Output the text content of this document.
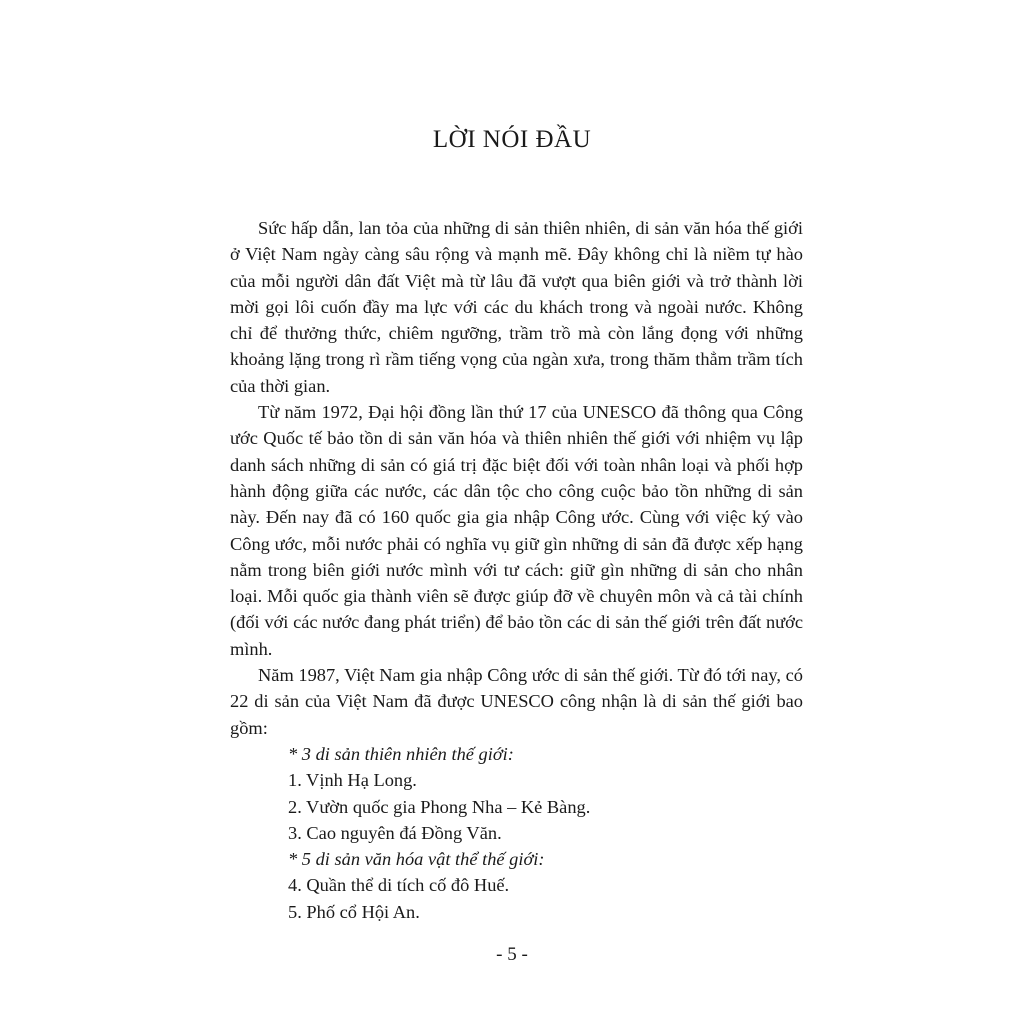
LỜI NÓI ĐẦU

Sức hấp dẫn, lan tỏa của những di sản thiên nhiên, di sản văn hóa thế giới ở Việt Nam ngày càng sâu rộng và mạnh mẽ. Đây không chỉ là niềm tự hào của mỗi người dân đất Việt mà từ lâu đã vượt qua biên giới và trở thành lời mời gọi lôi cuốn đầy ma lực với các du khách trong và ngoài nước. Không chỉ để thưởng thức, chiêm ngưỡng, trầm trồ mà còn lắng đọng với những khoảng lặng trong rì rầm tiếng vọng của ngàn xưa, trong thăm thẳm trầm tích của thời gian.

Từ năm 1972, Đại hội đồng lần thứ 17 của UNESCO đã thông qua Công ước Quốc tế bảo tồn di sản văn hóa và thiên nhiên thế giới với nhiệm vụ lập danh sách những di sản có giá trị đặc biệt đối với toàn nhân loại và phối hợp hành động giữa các nước, các dân tộc cho công cuộc bảo tồn những di sản này. Đến nay đã có 160 quốc gia gia nhập Công ước. Cùng với việc ký vào Công ước, mỗi nước phải có nghĩa vụ giữ gìn những di sản đã được xếp hạng nằm trong biên giới nước mình với tư cách: giữ gìn những di sản cho nhân loại. Mỗi quốc gia thành viên sẽ được giúp đỡ về chuyên môn và cả tài chính (đối với các nước đang phát triển) để bảo tồn các di sản thế giới trên đất nước mình.

Năm 1987, Việt Nam gia nhập Công ước di sản thế giới. Từ đó tới nay, có 22 di sản của Việt Nam đã được UNESCO công nhận là di sản thế giới bao gồm:

* 3 di sản thiên nhiên thế giới:

1. Vịnh Hạ Long.

2. Vườn quốc gia Phong Nha – Kẻ Bàng.

3. Cao nguyên đá Đồng Văn.

* 5 di sản văn hóa vật thể thế giới:

4. Quần thể di tích cố đô Huế.

5. Phố cổ Hội An.

- 5 -
